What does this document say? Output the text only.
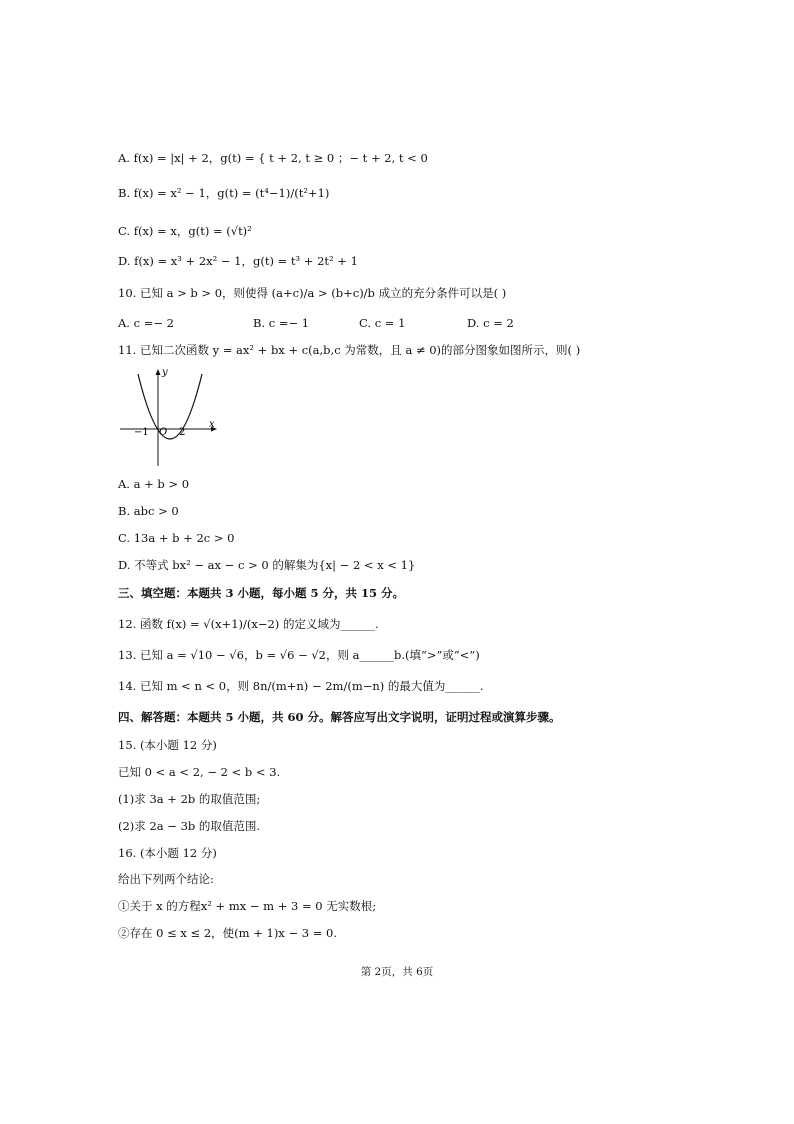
A. f(x) = |x| + 2，g(t) = { t + 2, t ≥ 0 ；− t + 2, t < 0
B. f(x) = x² − 1，g(t) = (t⁴−1)/(t²+1)
C. f(x) = x，g(t) = (√t)²
D. f(x) = x³ + 2x² − 1，g(t) = t³ + 2t² + 1
10. 已知 a > b > 0，则使得 (a+c)/a > (b+c)/b 成立的充分条件可以是( )
A. c =− 2	B. c =− 1	C. c = 1	D. c = 2
11. 已知二次函数 y = ax² + bx + c(a,b,c 为常数，且 a ≠ 0)的部分图象如图所示，则( )
y
x
−1 O 2
A. a + b > 0
B. abc > 0
C. 13a + b + 2c > 0
D. 不等式 bx² − ax − c > 0 的解集为{x| − 2 < x < 1}
三、填空题：本题共 3 小题，每小题 5 分，共 15 分。
12. 函数 f(x) = √(x+1)/(x−2) 的定义域为______.
13. 已知 a = √10 − √6，b = √6 − √2，则 a______b.(填“>”或“<”)
14. 已知 m < n < 0，则 8n/(m+n) − 2m/(m−n) 的最大值为______.
四、解答题：本题共 5 小题，共 60 分。解答应写出文字说明，证明过程或演算步骤。
15. (本小题 12 分)
已知 0 < a < 2, − 2 < b < 3.
(1)求 3a + 2b 的取值范围;
(2)求 2a − 3b 的取值范围.
16. (本小题 12 分)
给出下列两个结论:
①关于 x 的方程x² + mx − m + 3 = 0 无实数根;
②存在 0 ≤ x ≤ 2，使(m + 1)x − 3 = 0.
第 2页，共 6页
